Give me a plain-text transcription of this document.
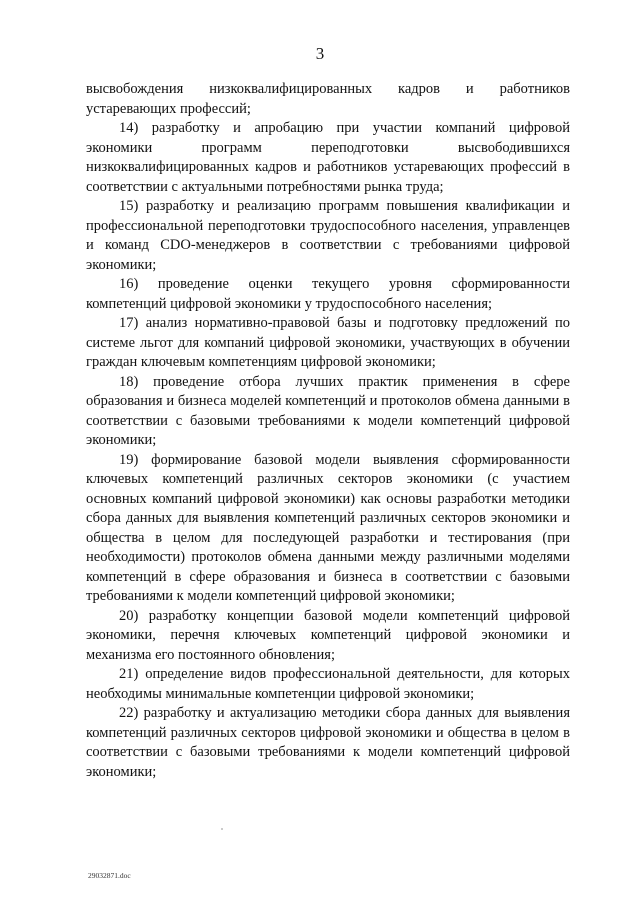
3

высвобождения низкоквалифицированных кадров и работников устаревающих профессий;

14) разработку и апробацию при участии компаний цифровой экономики программ переподготовки высвободившихся низкоквалифицированных кадров и работников устаревающих профессий в соответствии с актуальными потребностями рынка труда;

15) разработку и реализацию программ повышения квалификации и профессиональной переподготовки трудоспособного населения, управленцев и команд CDO-менеджеров в соответствии с требованиями цифровой экономики;

16) проведение оценки текущего уровня сформированности компетенций цифровой экономики у трудоспособного населения;

17) анализ нормативно-правовой базы и подготовку предложений по системе льгот для компаний цифровой экономики, участвующих в обучении граждан ключевым компетенциям цифровой экономики;

18) проведение отбора лучших практик применения в сфере образования и бизнеса моделей компетенций и протоколов обмена данными в соответствии с базовыми требованиями к модели компетенций цифровой экономики;

19) формирование базовой модели выявления сформированности ключевых компетенций различных секторов экономики (с участием основных компаний цифровой экономики) как основы разработки методики сбора данных для выявления компетенций различных секторов экономики и общества в целом для последующей разработки и тестирования (при необходимости) протоколов обмена данными между различными моделями компетенций в сфере образования и бизнеса в соответствии с базовыми требованиями к модели компетенций цифровой экономики;

20) разработку концепции базовой модели компетенций цифровой экономики, перечня ключевых компетенций цифровой экономики и механизма его постоянного обновления;

21) определение видов профессиональной деятельности, для которых необходимы минимальные компетенции цифровой экономики;

22) разработку и актуализацию методики сбора данных для выявления компетенций различных секторов цифровой экономики и общества в целом в соответствии с базовыми требованиями к модели компетенций цифровой экономики;

29032871.doc
